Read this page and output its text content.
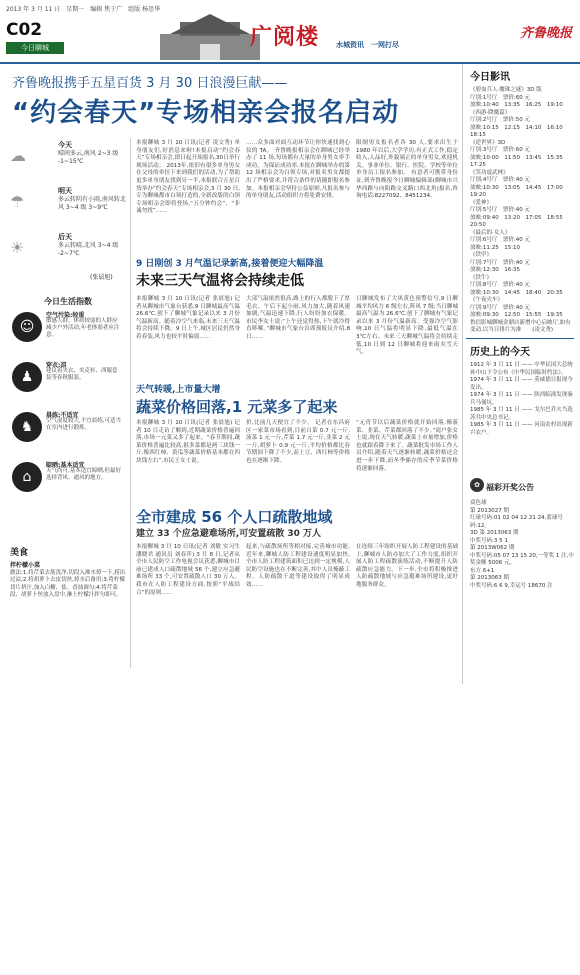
2013 年 3 月 11 日　星期一　编辑 焦于广　组版 杨思华
C02
今日聊城	广阅楼 水城资讯　一网打尽
齐鲁晚报
齐鲁晚报携手五星百货 3 月 30 日浪漫巨献——
“约会春天”专场相亲会报名启动
☁
今天
晴间多云,南风 2~3 级 -1~15℃
☂
明天
多云转阴有小雨,南风转北风 3~4 级 3~9℃
☀
后天
多云转晴,北风 3~4 级 -2~7℃
(张晨旭)
今日生活指数
☺
空气污染:较重
敏感人群、体质较弱的人群应减少户外活动,年老体弱者应注意。
♟
穿衣:凉
建议着夹衣、夹克衫、西服套装等春秋服装。
♞
晨练:不适宜
空气湿度较大,不宜晨练,可适当在室内进行锻炼。
⌂
晾晒:基本适宜
天气尚可,基本适宜晾晒,但最好选择背风、通风的地方。
美食
拌柠檬小菜
做法:1.将芹菜去筋洗净,切段入沸水焯一下,捞出过凉;2.将胡萝卜去皮切丝,焯水后备用;3.将柠檬切片挤汁,加入白糖、盐、香油调匀;4.将芹菜段、胡萝卜丝放入盘中,淋上柠檬汁拌匀即可。
本报聊城 3 月 10 日讯(记者 凌文秀) 单身朋友们,好消息来啦!本报启动“约会春天”专场相亲会,即日起开始报名,30日举行现场活动。 2013年,依旧有很多单身男女在父母的牵挂下来到我们的活动,为了帮助更多单身朋友找到另一半,本报联合五星百货举办“约会春天”专场相亲会,3 月 30 日,专为聊城都市白领打造的,全新改版的白领专场相亲会即将登场,“五分钟约会”、“非诚勿扰”……
……众多面对面互动环节让你快速找到心仪的 TA。 齐鲁晚报相亲会在聊城已经举办了 11 场,每场都有大量的单身男女牵手成功。为保证成功率,本报在聊城举办的第 12 场相亲会为白领专场,对报名男女都提出了严格要求,并符合条件的请随即报名参加。本报相亲会坚持公益原则,凡报名参与的单身朋友,活动组织方将免费安排。
限制男女报名者各 30 人,要求出生于 1980 年以后,大学学历,有正式工作,稳定收入,人品好,外貌端正的单身男女,欢迎机关、事业单位、银行、医院、学校等单位单身员工报名参加。 有意者可携带身份证,到齐鲁晚报今日聊城编辑部(聊城市兴华西路与向阳路交叉路口西北角)报名,咨询电话:8227092、8451234。
9 日刚创 3 月气温记录新高,接着便迎大幅降温
未来三天气温将会持续走低
本报聊城 3 月 10 日讯(记者 张晨旭) 记者从聊城市气象台获悉,9 日聊城最高气温 26.6℃,创下了聊城气象记录以来 3 月份气温新高。随着冷空气来临,未来三天气温将会持续下降。9 日上午,城区居民仍然身着春装,风力也较平时偏弱……
大部气温依然很高,路上的行人都脱下了厚毛衣。午后下起小雨,风力加大,随着风速加剧,气温迅速下降,行人纷纷加衣保暖。市民李女士说:“上午还觉得热,下午就冷得直哆嗦。”聊城市气象台首席预报员介绍,8 日……
日聊城发布了大风黄色预警信号,9 日聊城平均风力 6 级左右,阵风 7 级;当日聊城最高气温为 26.6℃,创下了聊城有气象记录以来 3 月份气温新高。受强冷空气影响,10 日气温将明显下降,最低气温在 3℃左右。未来三天聊城气温将会持续走低,10 日到 12 日聊城将迎来雨夹雪天气。
天气转暖,上市量大增
蔬菜价格回落,1 元菜多了起来
本报聊城 3 月 10 日讯(记者 张晨旭) 记者 10 日走访了解到,近期蔬菜价格普遍回落,市场一元菜又多了起来。“春节期间,蔬菜价格普遍比较高,很多菜都是两三块钱一斤,像西红柿、黄瓜等蔬菜价格基本都在四块钱左右”,市民王女士说。
价,比前几天便宜了不少。 记者在东昌府区一家菜市场看到,目前白菜 0.7 元一斤,菠菜 1 元一斤,芹菜 1.7 元一斤,韭菜 2 元一斤,胡萝卜 0.9 元一斤,平均价格都比春节期间下降了不少,而土豆、西红柿等价格也在逐渐下降。
“元宵节以后蔬菜价格就开始回落,像菠菜、韭菜、芹菜都回落了不少。”商户张女士说,现在天气转暖,蔬菜上市量增加,价格也就跟着降下来了。蔬菜批发市场工作人员介绍,随着天气逐渐转暖,蔬菜价格还会进一步下降,而冬季储存的反季节菜价格将逐渐回落。
全市建成 56 个人口疏散地域
建立 33 个应急避难场所,可安置疏散 30 万人
本报聊城 3 月 10 日讯(记者 刘敏 实习生 潘晓君 通讯员 刘春萍) 3 月 8 日,记者从全市人民防空工作电视会议获悉,聊城市目前已建成人口疏散地域 56 个,建立应急避难场所 33 个,可安置疏散人口 30 万人。 我市在人防工程建设方面,按照“平战结合”的原则……
起来,与疏散场所等相对接,完善城市功能,近年来,聊城人防工程建设速度明显加快,全市人防工程建筑面积已达到一定规模,人民防空设施也在不断完善,其中人员掩蔽工程、人防疏散干道等建设取得了明显成效……
在连续三年组织开展人防工程建设的基础上,聊城市人防办加大了工作力度,组织开展人防工程疏散演练活动,不断提升人防疏散应急能力。下一步,全市将积极推进人防疏散地域与应急避难场所建设,更好地服务群众。
今日影讯
《碧血兵人·魔珠之谜》3D 版
厅别:1号厅　票价:60 元
放映:10:40　13:35　16:25　19:10
《西游·降魔篇》
厅别:2号厅　票价:50 元
放映:10:15　12:15　14:10　16:10　18:15
《逆世界》3D
厅别:3号厅　票价:60 元
放映:10:00　11:50　13:45　15:35　17:25
《笑功震武林》
厅别:4号厅　票价:40 元
放映:10:30　13:05　14:45　17:00　19:20
《爱神》
厅别:5号厅　票价:40 元
放映:09:40　13:20　17:05　18:55　20:50
《最后的·女人》
厅别:6号厅　票价:40 元
放映:11:25　15:10
《铁甲》
厅别:7号厅　票价:40 元
放映:12:30　16:35
《铁牛》
厅别:8号厅　票价:40 元
放映:10:30　14:45　18:40　20:35
《午夜火车》
厅别:9号厅　票价:40 元
放映:09:30　12:50　15:55　19:35
鲁信影城聊城金鼎店新增中心启映厅,如有变动,以当日排片为准　　(凌文秀)
历史上的今天
1912 年 3 月 11 日 —— 中华民国大总统孙中山下令公布《中华民国临时约法》。
1974 年 3 月 11 日 —— 英威德日报现今发出。
1974 年 3 月 11 日 —— 陕西临潼发现秦兵马俑坑。
1985 年 3 月 11 日 —— 戈尔巴乔夫当选苏共中央总书记。
1985 年 3 月 11 日 —— 河南农村出现新兴农户。
✿ 福彩开奖公告
双色球
第 2013027 期
红球号码:01 02 04 12 21 24,蓝球号码:12。
3D 第 2013063 期
中奖号码:3 5 1
第 2013W062 期
中奖号码:05 07 13 15 20,一等奖 1 注,中奖金额 5006 元。
东方 6+1
第 2013063 期
中奖号码:6 6 9,幸运号 18670 注
